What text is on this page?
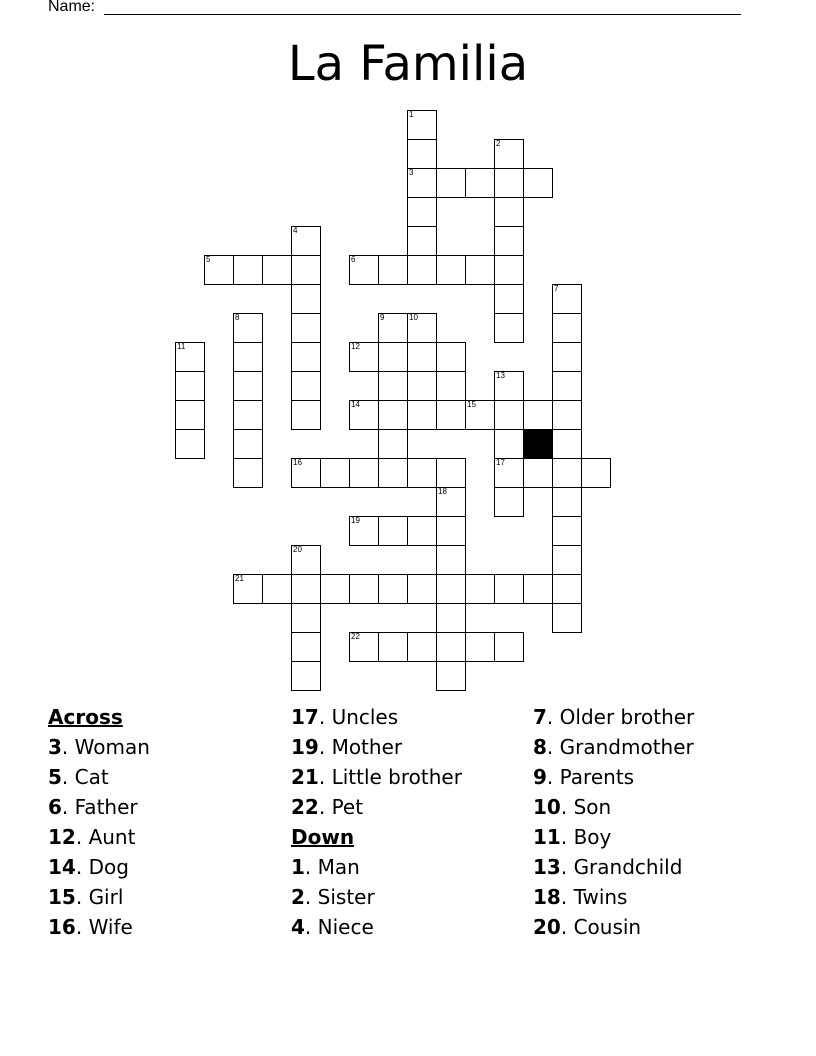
Name:
La Familia
1
2
3
4
5	6
7
8	9	10
11	12
13
14	15
16	17
18
19
20
21
22
Across
3. Woman
5. Cat
6. Father
12. Aunt
14. Dog
15. Girl
16. Wife
17. Uncles
19. Mother
21. Little brother
22. Pet
Down
1. Man
2. Sister
4. Niece
7. Older brother
8. Grandmother
9. Parents
10. Son
11. Boy
13. Grandchild
18. Twins
20. Cousin
